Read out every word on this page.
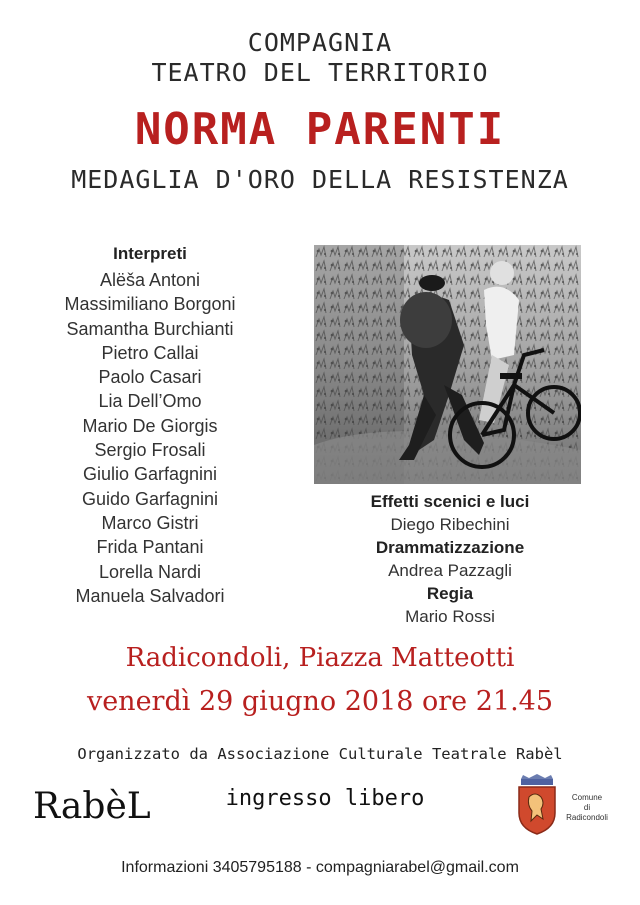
COMPAGNIA
TEATRO DEL TERRITORIO
NORMA PARENTI
MEDAGLIA D'ORO DELLA RESISTENZA
Interpreti
Alëša Antoni
Massimiliano Borgoni
Samantha Burchianti
Pietro Callai
Paolo Casari
Lia Dell’Omo
Mario De Giorgis
Sergio Frosali
Giulio Garfagnini
Guido Garfagnini
Marco Gistri
Frida Pantani
Lorella Nardi
Manuela Salvadori
Effetti scenici e luci
Diego Ribechini
Drammatizzazione
Andrea Pazzagli
Regia
Mario Rossi
Radicondoli, Piazza Matteotti
venerdì 29 giugno 2018 ore 21.45
Organizzato da Associazione Culturale Teatrale Rabèl
RabèL	ingresso libero	Comune
di
Radicondoli
Informazioni 3405795188 - compagniarabel@gmail.com
